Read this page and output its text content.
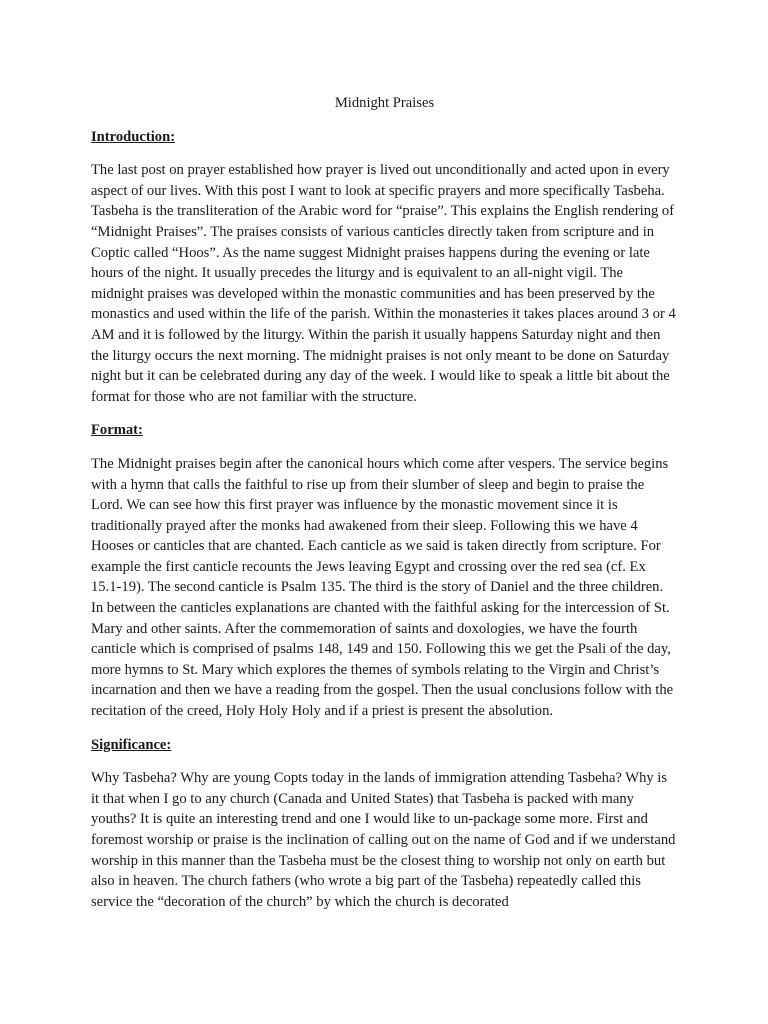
Midnight Praises
Introduction:

The last post on prayer established how prayer is lived out unconditionally and acted upon in every aspect of our lives. With this post I want to look at specific prayers and more specifically Tasbeha. Tasbeha is the transliteration of the Arabic word for “praise”. This explains the English rendering of “Midnight Praises”. The praises consists of various canticles directly taken from scripture and in Coptic called “Hoos”. As the name suggest Midnight praises happens during the evening or late hours of the night. It usually precedes the liturgy and is equivalent to an all-night vigil. The midnight praises was developed within the monastic communities and has been preserved by the monastics and used within the life of the parish. Within the monasteries it takes places around 3 or 4 AM and it is followed by the liturgy. Within the parish it usually happens Saturday night and then the liturgy occurs the next morning. The midnight praises is not only meant to be done on Saturday night but it can be celebrated during any day of the week. I would like to speak a little bit about the format for those who are not familiar with the structure.

Format:

The Midnight praises begin after the canonical hours which come after vespers. The service begins with a hymn that calls the faithful to rise up from their slumber of sleep and begin to praise the Lord. We can see how this first prayer was influence by the monastic movement since it is traditionally prayed after the monks had awakened from their sleep. Following this we have 4 Hooses or canticles that are chanted. Each canticle as we said is taken directly from scripture. For example the first canticle recounts the Jews leaving Egypt and crossing over the red sea (cf. Ex 15.1-19). The second canticle is Psalm 135. The third is the story of Daniel and the three children. In between the canticles explanations are chanted with the faithful asking for the intercession of St. Mary and other saints. After the commemoration of saints and doxologies, we have the fourth canticle which is comprised of psalms 148, 149 and 150. Following this we get the Psali of the day, more hymns to St. Mary which explores the themes of symbols relating to the Virgin and Christ’s incarnation and then we have a reading from the gospel. Then the usual conclusions follow with the recitation of the creed, Holy Holy Holy and if a priest is present the absolution.

Significance:

Why Tasbeha? Why are young Copts today in the lands of immigration attending Tasbeha? Why is it that when I go to any church (Canada and United States) that Tasbeha is packed with many youths? It is quite an interesting trend and one I would like to un-package some more. First and foremost worship or praise is the inclination of calling out on the name of God and if we understand worship in this manner than the Tasbeha must be the closest thing to worship not only on earth but also in heaven. The church fathers (who wrote a big part of the Tasbeha) repeatedly called this service the “decoration of the church” by which the church is decorated
